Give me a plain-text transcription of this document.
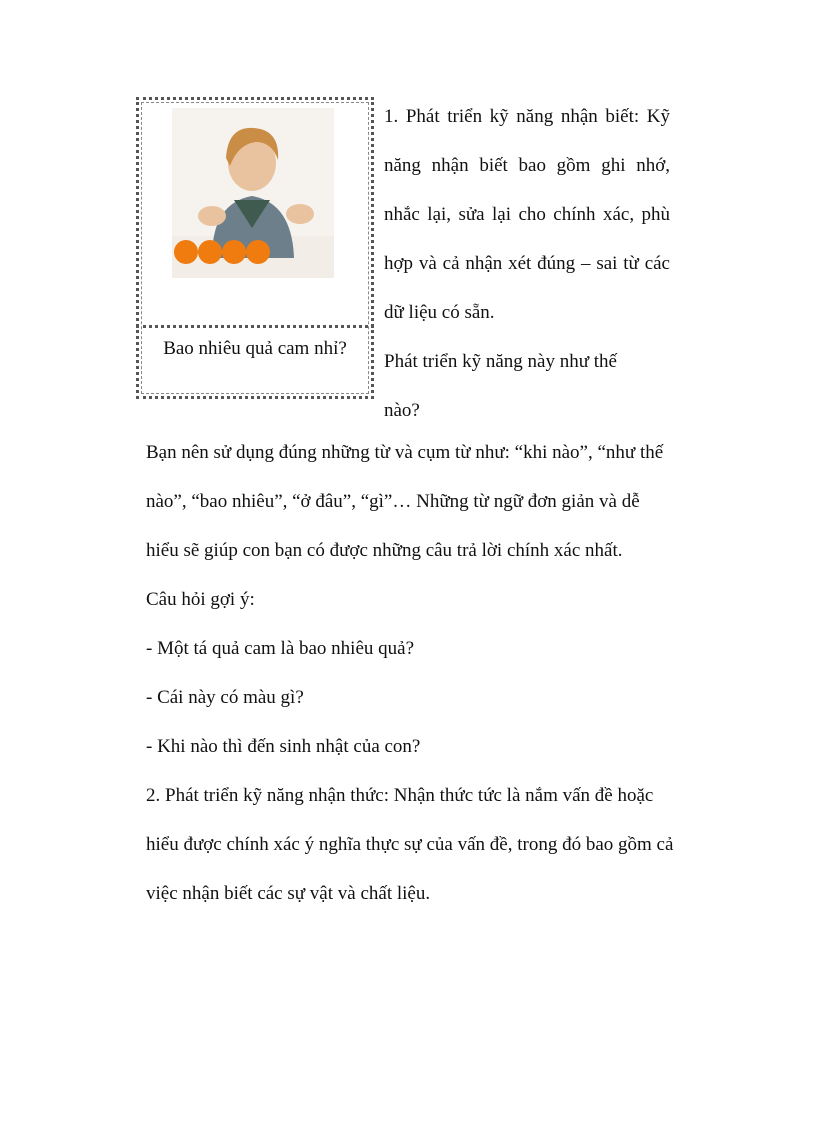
Bao nhiêu quả cam nhỉ?

1. Phát triển kỹ năng nhận biết: Kỹ năng nhận biết bao gồm ghi nhớ, nhắc lại, sửa lại cho chính xác, phù hợp và cả nhận xét đúng – sai từ các dữ liệu có sẵn.

Phát triển kỹ năng này như thế nào?

Bạn nên sử dụng đúng những từ và cụm từ như: “khi nào”, “như thế nào”, “bao nhiêu”, “ở đâu”, “gì”… Những từ ngữ đơn giản và dễ hiểu sẽ giúp con bạn có được những câu trả lời chính xác nhất.

Câu hỏi gợi ý:

- Một tá quả cam là bao nhiêu quả?

- Cái này có màu gì?

- Khi nào thì đến sinh nhật của con?

2. Phát triển kỹ năng nhận thức: Nhận thức tức là nắm vấn đề hoặc hiểu được chính xác ý nghĩa thực sự của vấn đề, trong đó bao gồm cả việc nhận biết các sự vật và chất liệu.
